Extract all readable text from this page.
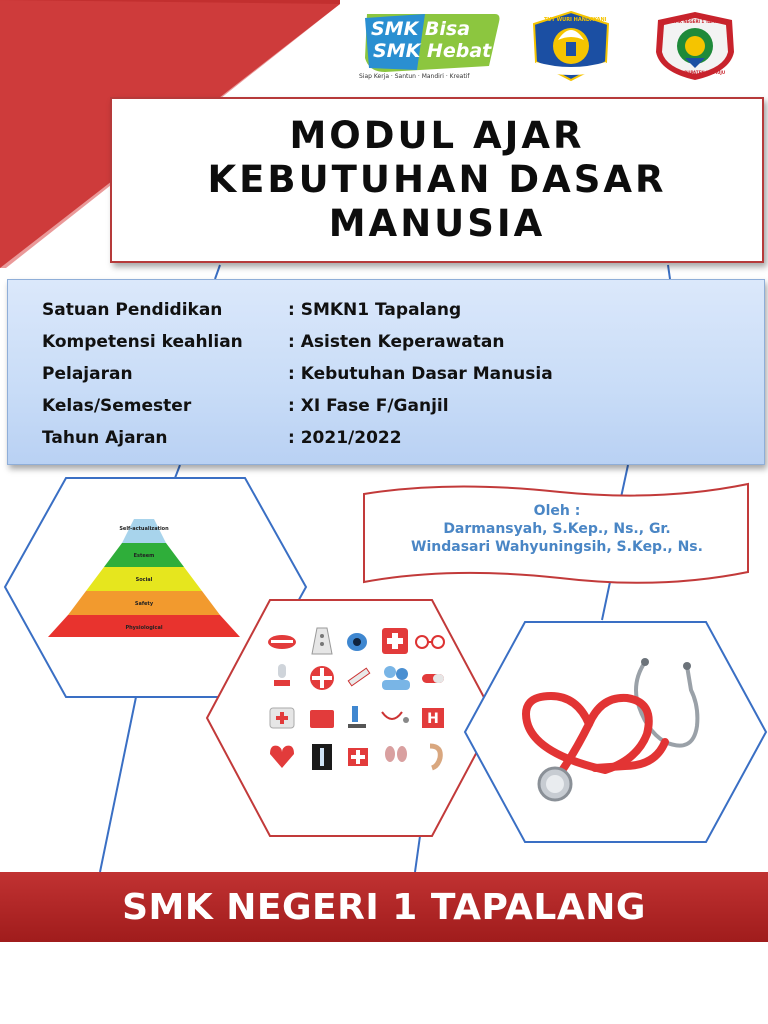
SMK Bisa
SMK Hebat
Siap Kerja · Santun · Mandiri · Kreatif
TUT WURI HANDAYANI	SMK NEGERI 1 TAPALANG
KABUPATEN MAMUJU
MODUL AJAR
KEBUTUHAN DASAR
MANUSIA
Satuan Pendidikan	: SMKN1 Tapalang
Kompetensi keahlian	: Asisten Keperawatan
Pelajaran	: Kebutuhan Dasar Manusia
Kelas/Semester	: XI Fase F/Ganjil
Tahun Ajaran	: 2021/2022
Oleh :
Darmansyah, S.Kep., Ns., Gr.
Windasari Wahyuningsih, S.Kep., Ns.
Self-actualization
Esteem
Social
Safety
Physiological
H
SMK NEGERI 1 TAPALANG
